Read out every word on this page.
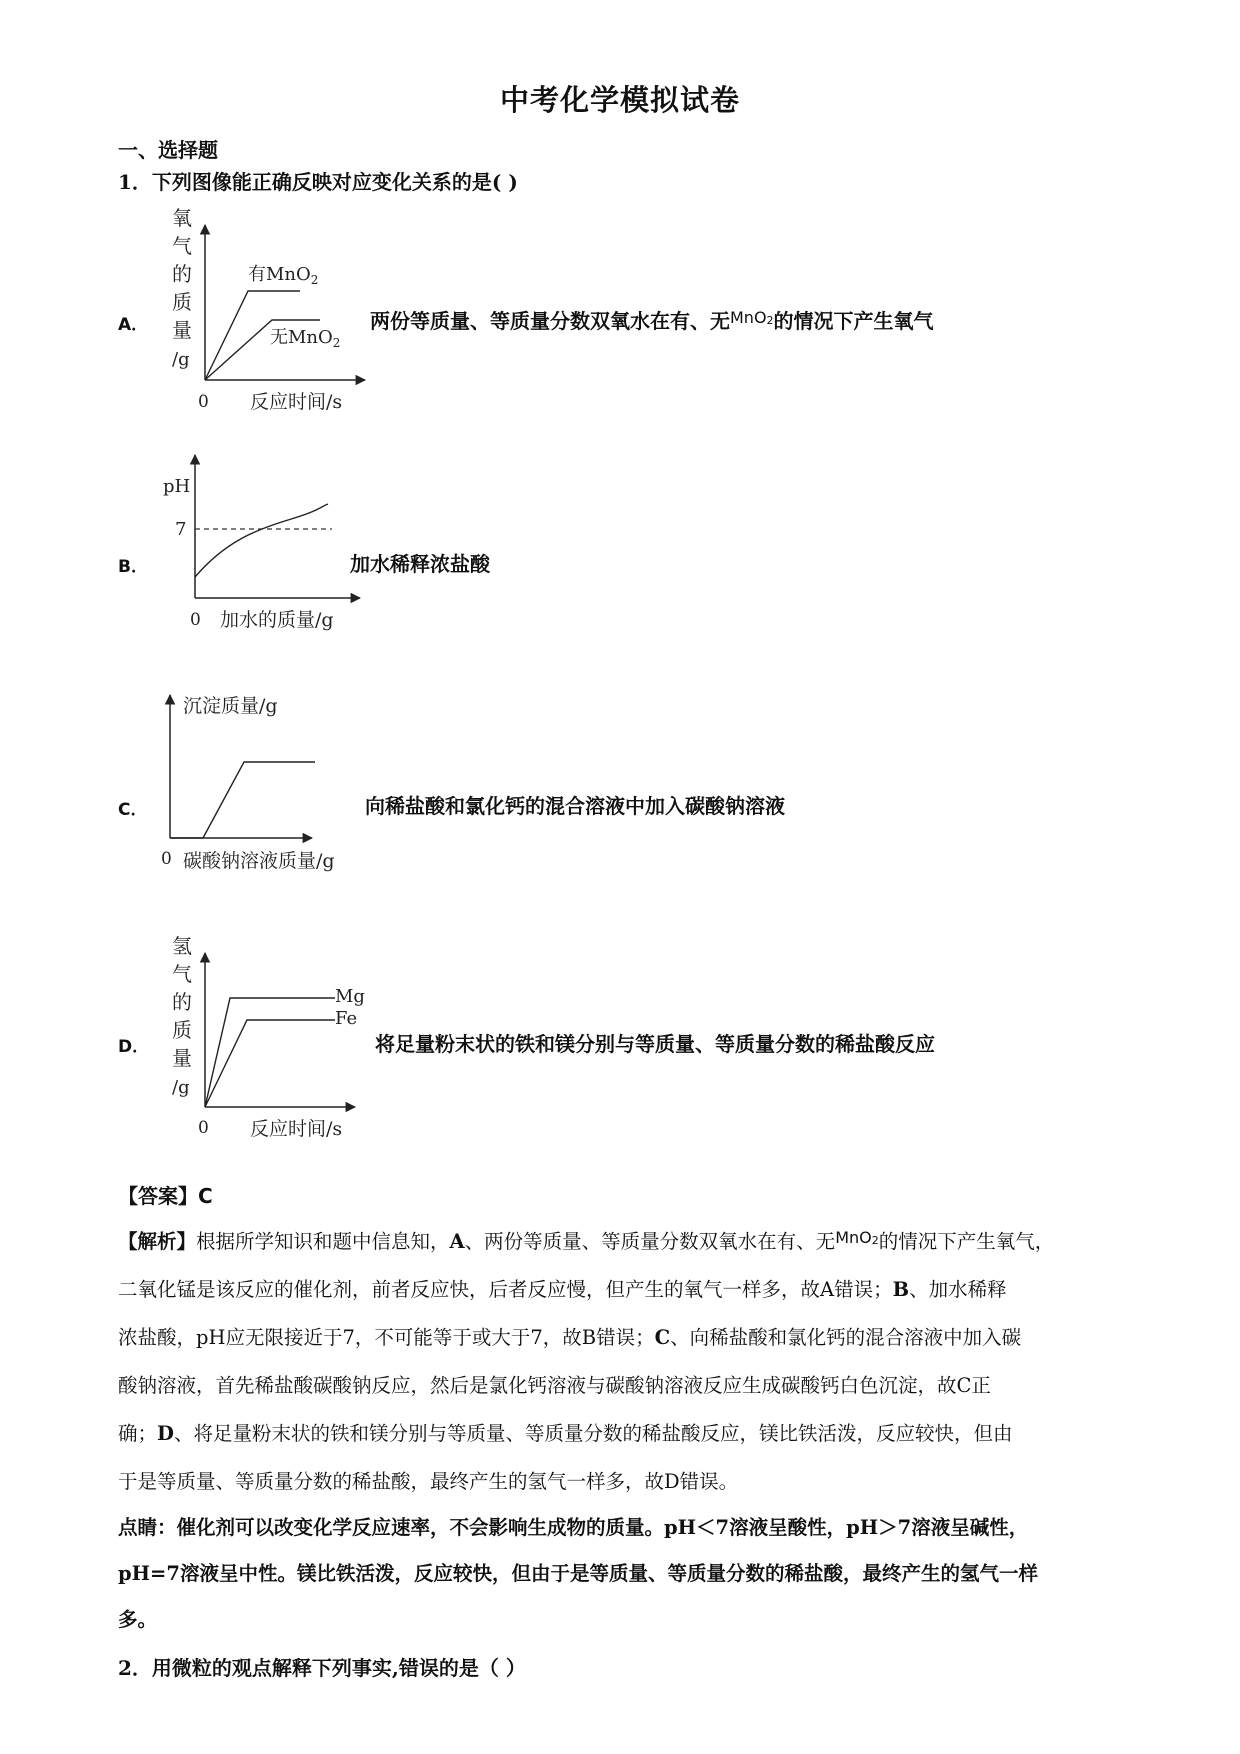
中考化学模拟试卷
一、选择题
1．下列图像能正确反映对应变化关系的是( )
A．
氧
气
的
质
量
/g
有MnO$_2$
无MnO$_2$
0 反应时间/s
两份等质量、等质量分数双氧水在有、无$^{MnO_2}$的情况下产生氧气
B．
pH
7
0 加水的质量/g
加水稀释浓盐酸
C．
沉淀质量/g
0 碳酸钠溶液质量/g
向稀盐酸和氯化钙的混合溶液中加入碳酸钠溶液
D．
氢
气
的
质
量
/g
Mg
Fe
0 反应时间/s
将足量粉末状的铁和镁分别与等质量、等质量分数的稀盐酸反应
【答案】C
【解析】根据所学知识和题中信息知，A、两份等质量、等质量分数双氧水在有、无$^{MnO_2}$的情况下产生氧气，
二氧化锰是该反应的催化剂，前者反应快，后者反应慢，但产生的氧气一样多，故A错误；B、加水稀释
浓盐酸，pH应无限接近于7，不可能等于或大于7，故B错误；C、向稀盐酸和氯化钙的混合溶液中加入碳
酸钠溶液，首先稀盐酸碳酸钠反应，然后是氯化钙溶液与碳酸钠溶液反应生成碳酸钙白色沉淀，故C正
确；D、将足量粉末状的铁和镁分别与等质量、等质量分数的稀盐酸反应，镁比铁活泼，反应较快，但由
于是等质量、等质量分数的稀盐酸，最终产生的氢气一样多，故D错误。
点睛：催化剂可以改变化学反应速率，不会影响生成物的质量。pH＜7溶液呈酸性，pH＞7溶液呈碱性，
pH=7溶液呈中性。镁比铁活泼，反应较快，但由于是等质量、等质量分数的稀盐酸，最终产生的氢气一样
多。
2．用微粒的观点解释下列事实,错误的是（ ）
